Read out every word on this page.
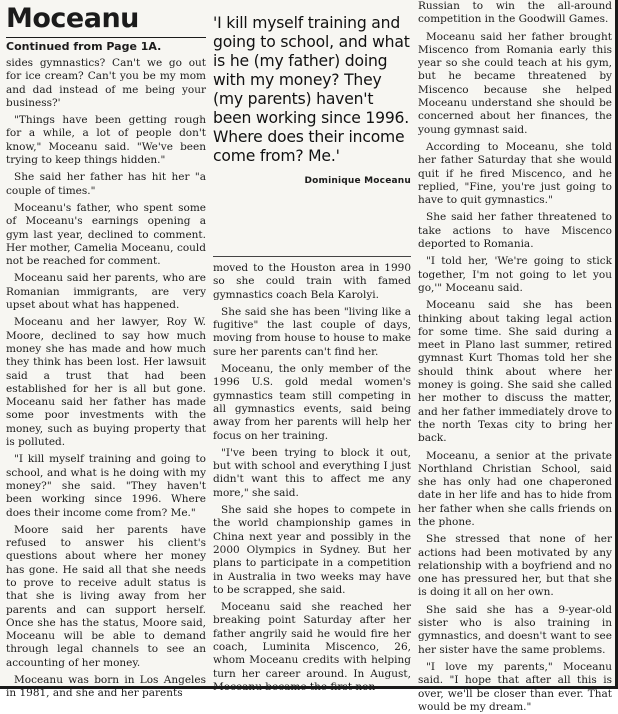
Moceanu
Continued from Page 1A.

sides gymnastics? Can't we go out for ice cream? Can't you be my mom and dad instead of me being your business?'

"Things have been getting rough for a while, a lot of people don't know," Moceanu said. "We've been trying to keep things hidden."

She said her father has hit her "a couple of times."

Moceanu's father, who spent some of Moceanu's earnings opening a gym last year, declined to comment. Her mother, Camelia Moceanu, could not be reached for comment.

Moceanu said her parents, who are Romanian immigrants, are very upset about what has happened.

Moceanu and her lawyer, Roy W. Moore, declined to say how much money she has made and how much they think has been lost. Her lawsuit said a trust that had been established for her is all but gone. Moceanu said her father has made some poor investments with the money, such as buying property that is polluted.

"I kill myself training and going to school, and what is he doing with my money?" she said. "They haven't been working since 1996. Where does their income come from? Me."

Moore said her parents have refused to answer his client's questions about where her money has gone. He said all that she needs to prove to receive adult status is that she is living away from her parents and can support herself. Once she has the status, Moore said, Moceanu will be able to demand through legal channels to see an accounting of her money.

Moceanu was born in Los Angeles in 1981, and she and her parents

'I kill myself training and going to school, and what is he (my father) doing with my money? They (my parents) haven't been working since 1996. Where does their income come from? Me.'

Dominique Moceanu

moved to the Houston area in 1990 so she could train with famed gymnastics coach Bela Karolyi.

She said she has been "living like a fugitive" the last couple of days, moving from house to house to make sure her parents can't find her.

Moceanu, the only member of the 1996 U.S. gold medal women's gymnastics team still competing in all gymnastics events, said being away from her parents will help her focus on her training.

"I've been trying to block it out, but with school and everything I just didn't want this to affect me any more," she said.

She said she hopes to compete in the world championship games in China next year and possibly in the 2000 Olympics in Sydney. But her plans to participate in a competition in Australia in two weeks may have to be scrapped, she said.

Moceanu said she reached her breaking point Saturday after her father angrily said he would fire her coach, Luminita Miscenco, 26, whom Moceanu credits with helping turn her career around. In August, Moceanu became the first non-

Russian to win the all-around competition in the Goodwill Games.

Moceanu said her father brought Miscenco from Romania early this year so she could teach at his gym, but he became threatened by Miscenco because she helped Moceanu understand she should be concerned about her finances, the young gymnast said.

According to Moceanu, she told her father Saturday that she would quit if he fired Miscenco, and he replied, "Fine, you're just going to have to quit gymnastics."

She said her father threatened to take actions to have Miscenco deported to Romania.

"I told her, 'We're going to stick together, I'm not going to let you go,'" Moceanu said.

Moceanu said she has been thinking about taking legal action for some time. She said during a meet in Plano last summer, retired gymnast Kurt Thomas told her she should think about where her money is going. She said she called her mother to discuss the matter, and her father immediately drove to the north Texas city to bring her back.

Moceanu, a senior at the private Northland Christian School, said she has only had one chaperoned date in her life and has to hide from her father when she calls friends on the phone.

She stressed that none of her actions had been motivated by any relationship with a boyfriend and no one has pressured her, but that she is doing it all on her own.

She said she has a 9-year-old sister who is also training in gymnastics, and doesn't want to see her sister have the same problems.

"I love my parents," Moceanu said. "I hope that after all this is over, we'll be closer than ever. That would be my dream."
